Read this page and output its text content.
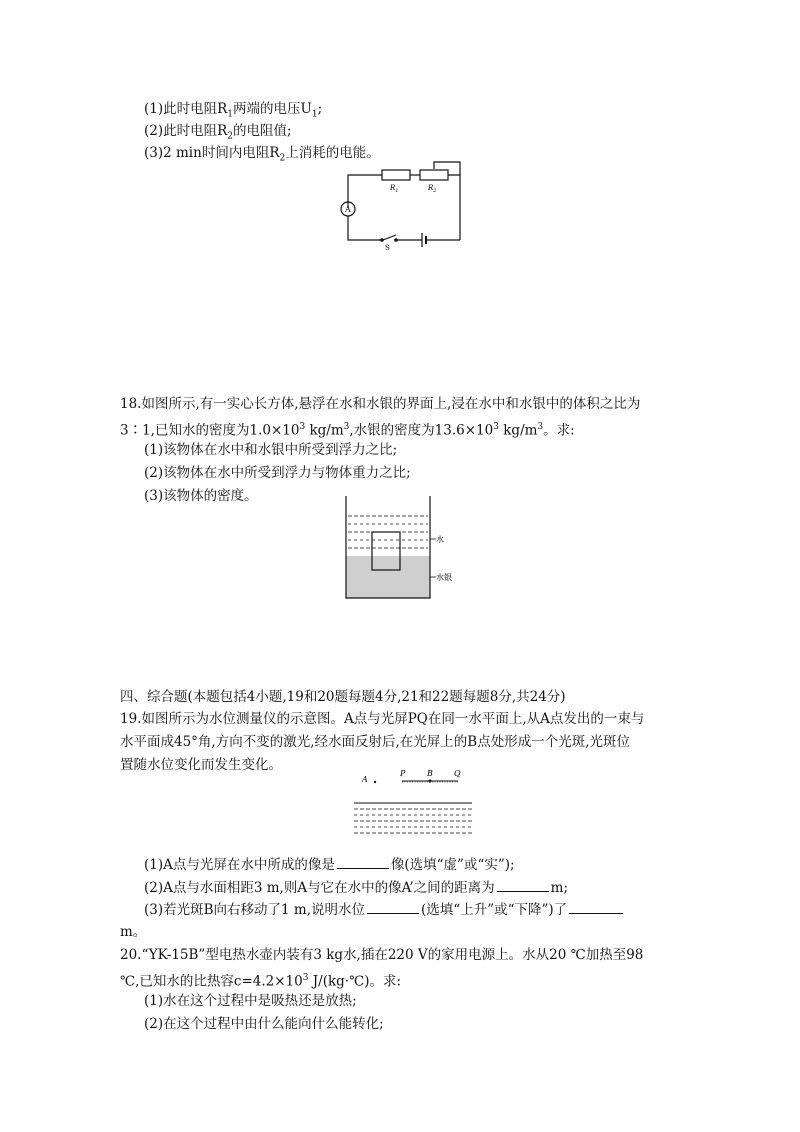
(1)此时电阻$R_1$两端的电压$U_1$;
(2)此时电阻$R_2$的电阻值;
(3)2 min时间内电阻$R_2$上消耗的电能。
A
$R_1$	$R_2$
S
18.如图所示,有一实心长方体,悬浮在水和水银的界面上,浸在水中和水银中的体积之比为
3∶1,已知水的密度为$1.0\times 10^3$ $kg/m^3$,水银的密度为$13.6\times 10^3$ $kg/m^3$。求:
(1)该物体在水中和水银中所受到浮力之比;
(2)该物体在水中所受到浮力与物体重力之比;
(3)该物体的密度。
水
水银
四、综合题(本题包括4小题,19和20题每题4分,21和22题每题8分,共24分)
19.如图所示为水位测量仪的示意图。A点与光屏PQ在同一水平面上,从A点发出的一束与
水平面成45°角,方向不变的激光,经水面反射后,在光屏上的B点处形成一个光斑,光斑位
置随水位变化而发生变化。
A
P	B	Q
(1)A点与光屏在水中所成的像是	像(选填“虚”或“实”);
(2)A点与水面相距3 m,则A与它在水中的像A’之间的距离为	m;
(3)若光斑B向右移动了1 m,说明水位	(选填“上升”或“下降”)了
m。
20.“YK-15B”型电热水壶内装有3 kg水,插在220 V的家用电源上。水从20 ℃加热至98
℃,已知水的比热容$c=4.2\times 10^3$ J/(kg·℃)。求:
(1)水在这个过程中是吸热还是放热;
(2)在这个过程中由什么能向什么能转化;
